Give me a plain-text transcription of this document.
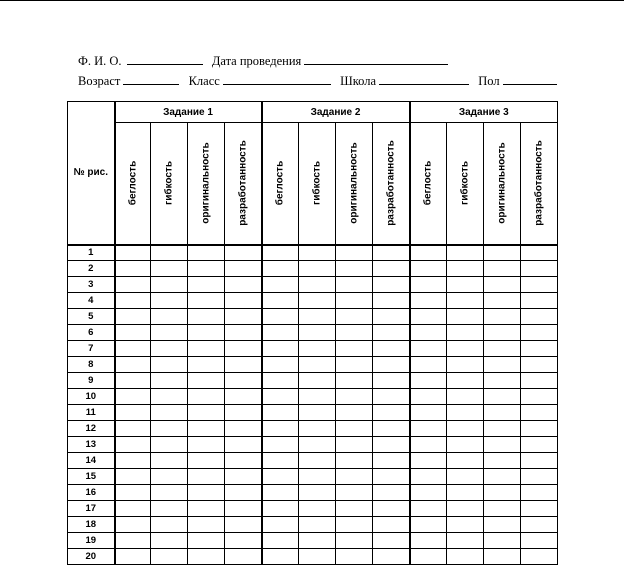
Ф. И. О.	Дата проведения
Возраст	Класс	Школа	Пол
№ рис.	Задание 1				Задание 2				Задание 3			

	беглость	гибкость	оригинальность	разработанность	беглость	гибкость	оригинальность	разработанность	беглость	гибкость	оригинальность	разработанность

1												
2												
3												
4												
5												
6												
7												
8												
9												
10												
11												
12												
13												
14												
15												
16												
17												
18												
19												
20												
